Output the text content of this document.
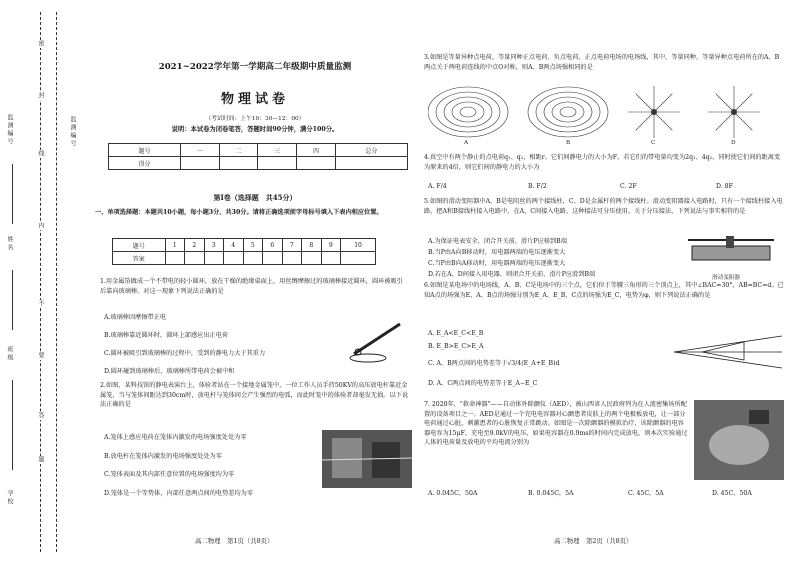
监测编号
姓名
班级
学校
密
封
线
内
不
要
答
题
监测编号
2021~2022学年第一学期高二年级期中质量监测
物理试卷
（考试时间：上午10：30—12：00）
说明：本试卷为闭卷笔答，答题时间90分钟，满分100分。
题号	一	二	三	四	总分
得分					
第Ⅰ卷（选择题　共45分）
一、单项选择题：本题共10小题，每小题3分，共30分。请将正确选项前字母标号填入下表内相应位置。
题号	1	2	3	4	5	6	7	8	9	10
答案										
1.用金属箔做成一个不带电的轻小圆环，放在干燥的绝缘桌面上，用丝绸摩擦过的玻璃棒接近圆环，圆环被吸引后靠向玻璃棒。对这一现象下列说法正确的是
A.玻璃棒因摩擦带正电
B.玻璃棒靠近圆环时，圆环上部感应出正电荷
C.圆环被吸引到玻璃棒的过程中，受到的静电力大于其重力
D.圆环碰到玻璃棒后，玻璃棒所带电荷会被中和
2.如图，某科技馆的静电表演台上，体验者站在一个接地金属笼中，一位工作人员手持50KV的高压放电杆靠近金属笼，当与笼体间距达到30cm时，放电杆与笼体间会产生强烈的电弧，而此时笼中的体验者却毫发无损。以下说法正确的是
A.笼体上感应电荷在笼体内激发的电场强度处处为零
B.放电杆在笼体内激发的电场强度处处为零
C.笼体表面及其内部任意位置的电场强度均为零
D.笼体是一个等势体，内部任意两点间的电势差均为零
高二物理　第1页（共8页）
3.如图是等量异种点电荷、等量同种正点电荷、负点电荷、正点电荷电场的电场线，其中，等量同种、等量异种点电荷所在的A、B两点关于两电荷连线的中点O对称，则A、B两点场强相同的是
A	B	C	D
4.真空中有两个静止的点电荷q₁、q₂，相距r。它们间静电力的大小为F。若它们的带电量均变为2q₁、4q₂，同时使它们间的距离变为原来的4倍，则它们间的静电力的大小为
A. F/4	B. F/2	C. 2F	D. 8F
5.如图的滑动变阻器中A、B是电阻丝的两个接线柱，C、D是金属杆的两个接线柱。滑动变阻器接入电路时，只有一个接线柱接入电路，把A和B接线柱接入电路中，在A、C间接入电路，这种接法可分压使用。关于分压接法，下列说法与事实相符的是
A.为保证电表安全，闭合开关前，滑片P应移到B端
B.当P由A向B移动时，用电器两端的电压逐渐变大
C.当P由B向A移动时，用电器两端的电压逐渐变大
D.若在A、D间接入用电器，则闭合开关前，滑片P应滑到B端	滑动变阻器
6.如图是某电场中的电场线，A、B、C是电场中的三个点，它们位于等腰三角形的三个顶点上，其中∠BAC=30°，AB=BC=d。已知A点的场强为E，A、B点的场强分别为E_A、E_B，C点的场强为E_C，电势为φ，则下列说法正确的是
A. E_A<E_C<E_B
B. E_B>E_C>E_A
C. A、B两点间的电势差等于√3/4(E_A+E_B)d
D. A、C两点间的电势差等于E_A−E_C
7. 2020年，"救命神器"——自动体外除颤仪（AED），被山西省人民政府列为在人流密集场所配置的设备项目之一。AED是通过一个充电电容器对心颤患者皮肤上的两个电极板放电，让一部分电荷通过心脏，刺激患者的心脏恢复正常跳动。如图是一次除颤器的模拟治疗，该除颤器的电容器电容为15μF，充电至9.0kV的电压，如果电容器在0.9ms的时间内完成放电，则本次实验通过人体的电荷量及放电的平均电流分别为
A. 0.045C，50A	B. 0.045C，5A	C. 45C，5A	D. 45C，50A
高二物理　第2页（共8页）
